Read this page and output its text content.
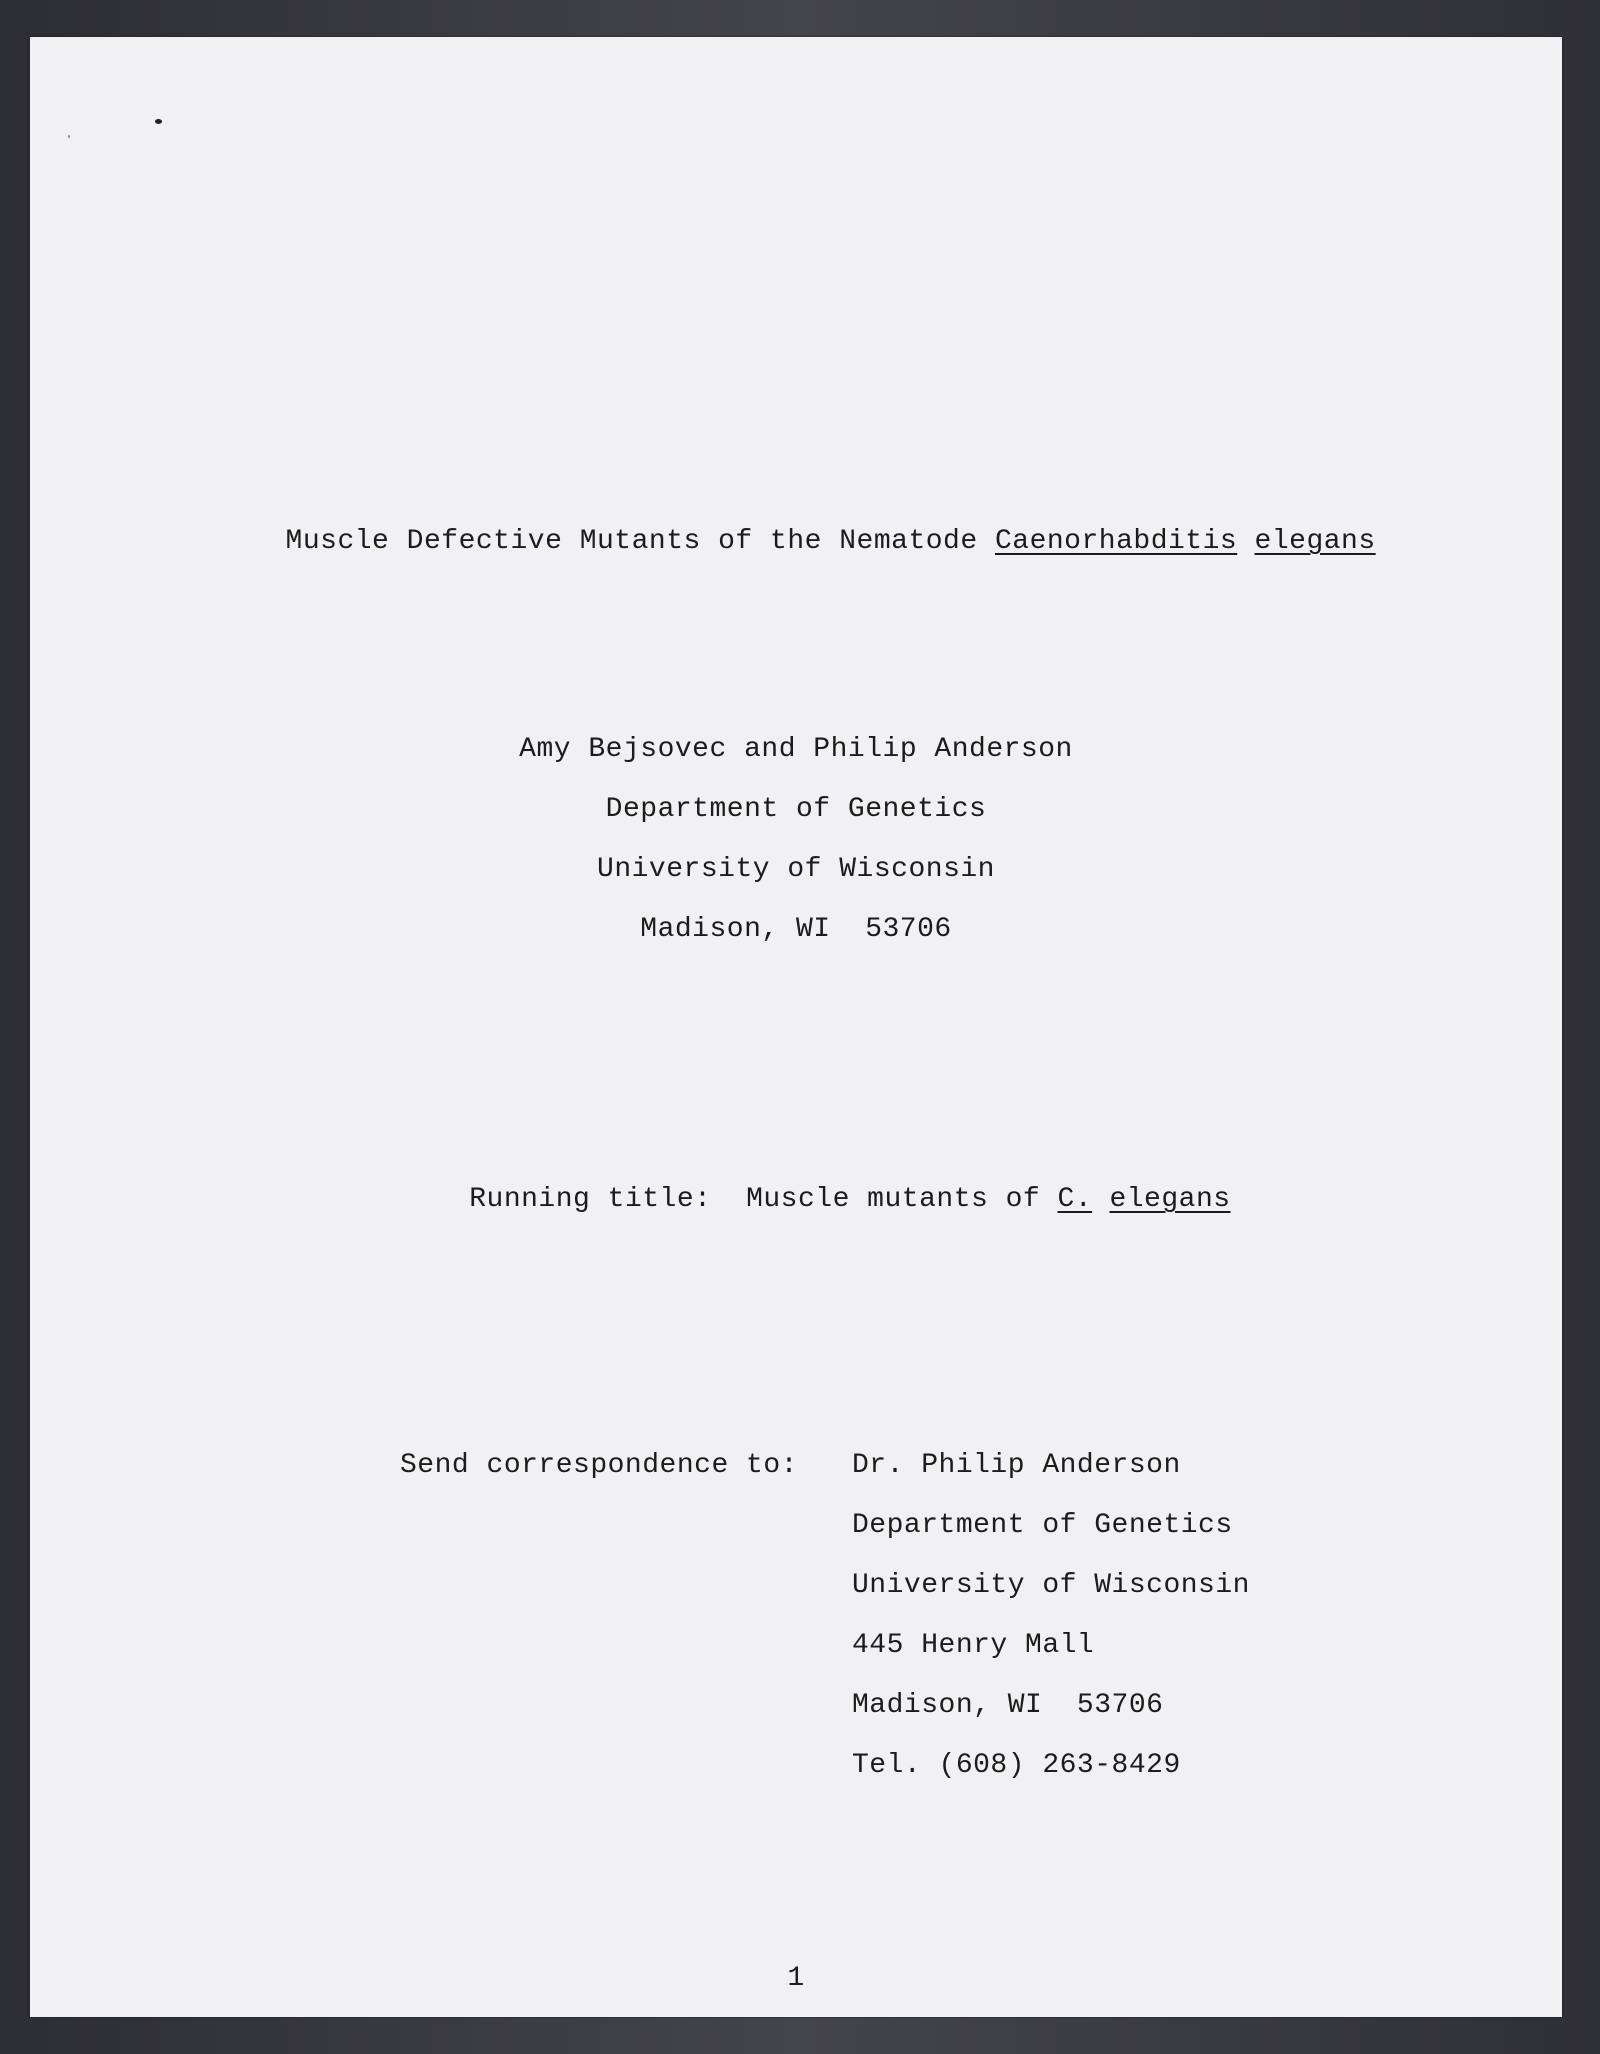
Muscle Defective Mutants of the Nematode Caenorhabditis elegans

Amy Bejsovec and Philip Anderson
Department of Genetics
University of Wisconsin
Madison, WI  53706

Running title:  Muscle mutants of C. elegans

Send correspondence to: Dr. Philip Anderson
Department of Genetics
University of Wisconsin
445 Henry Mall
Madison, WI  53706
Tel. (608) 263-8429
1
